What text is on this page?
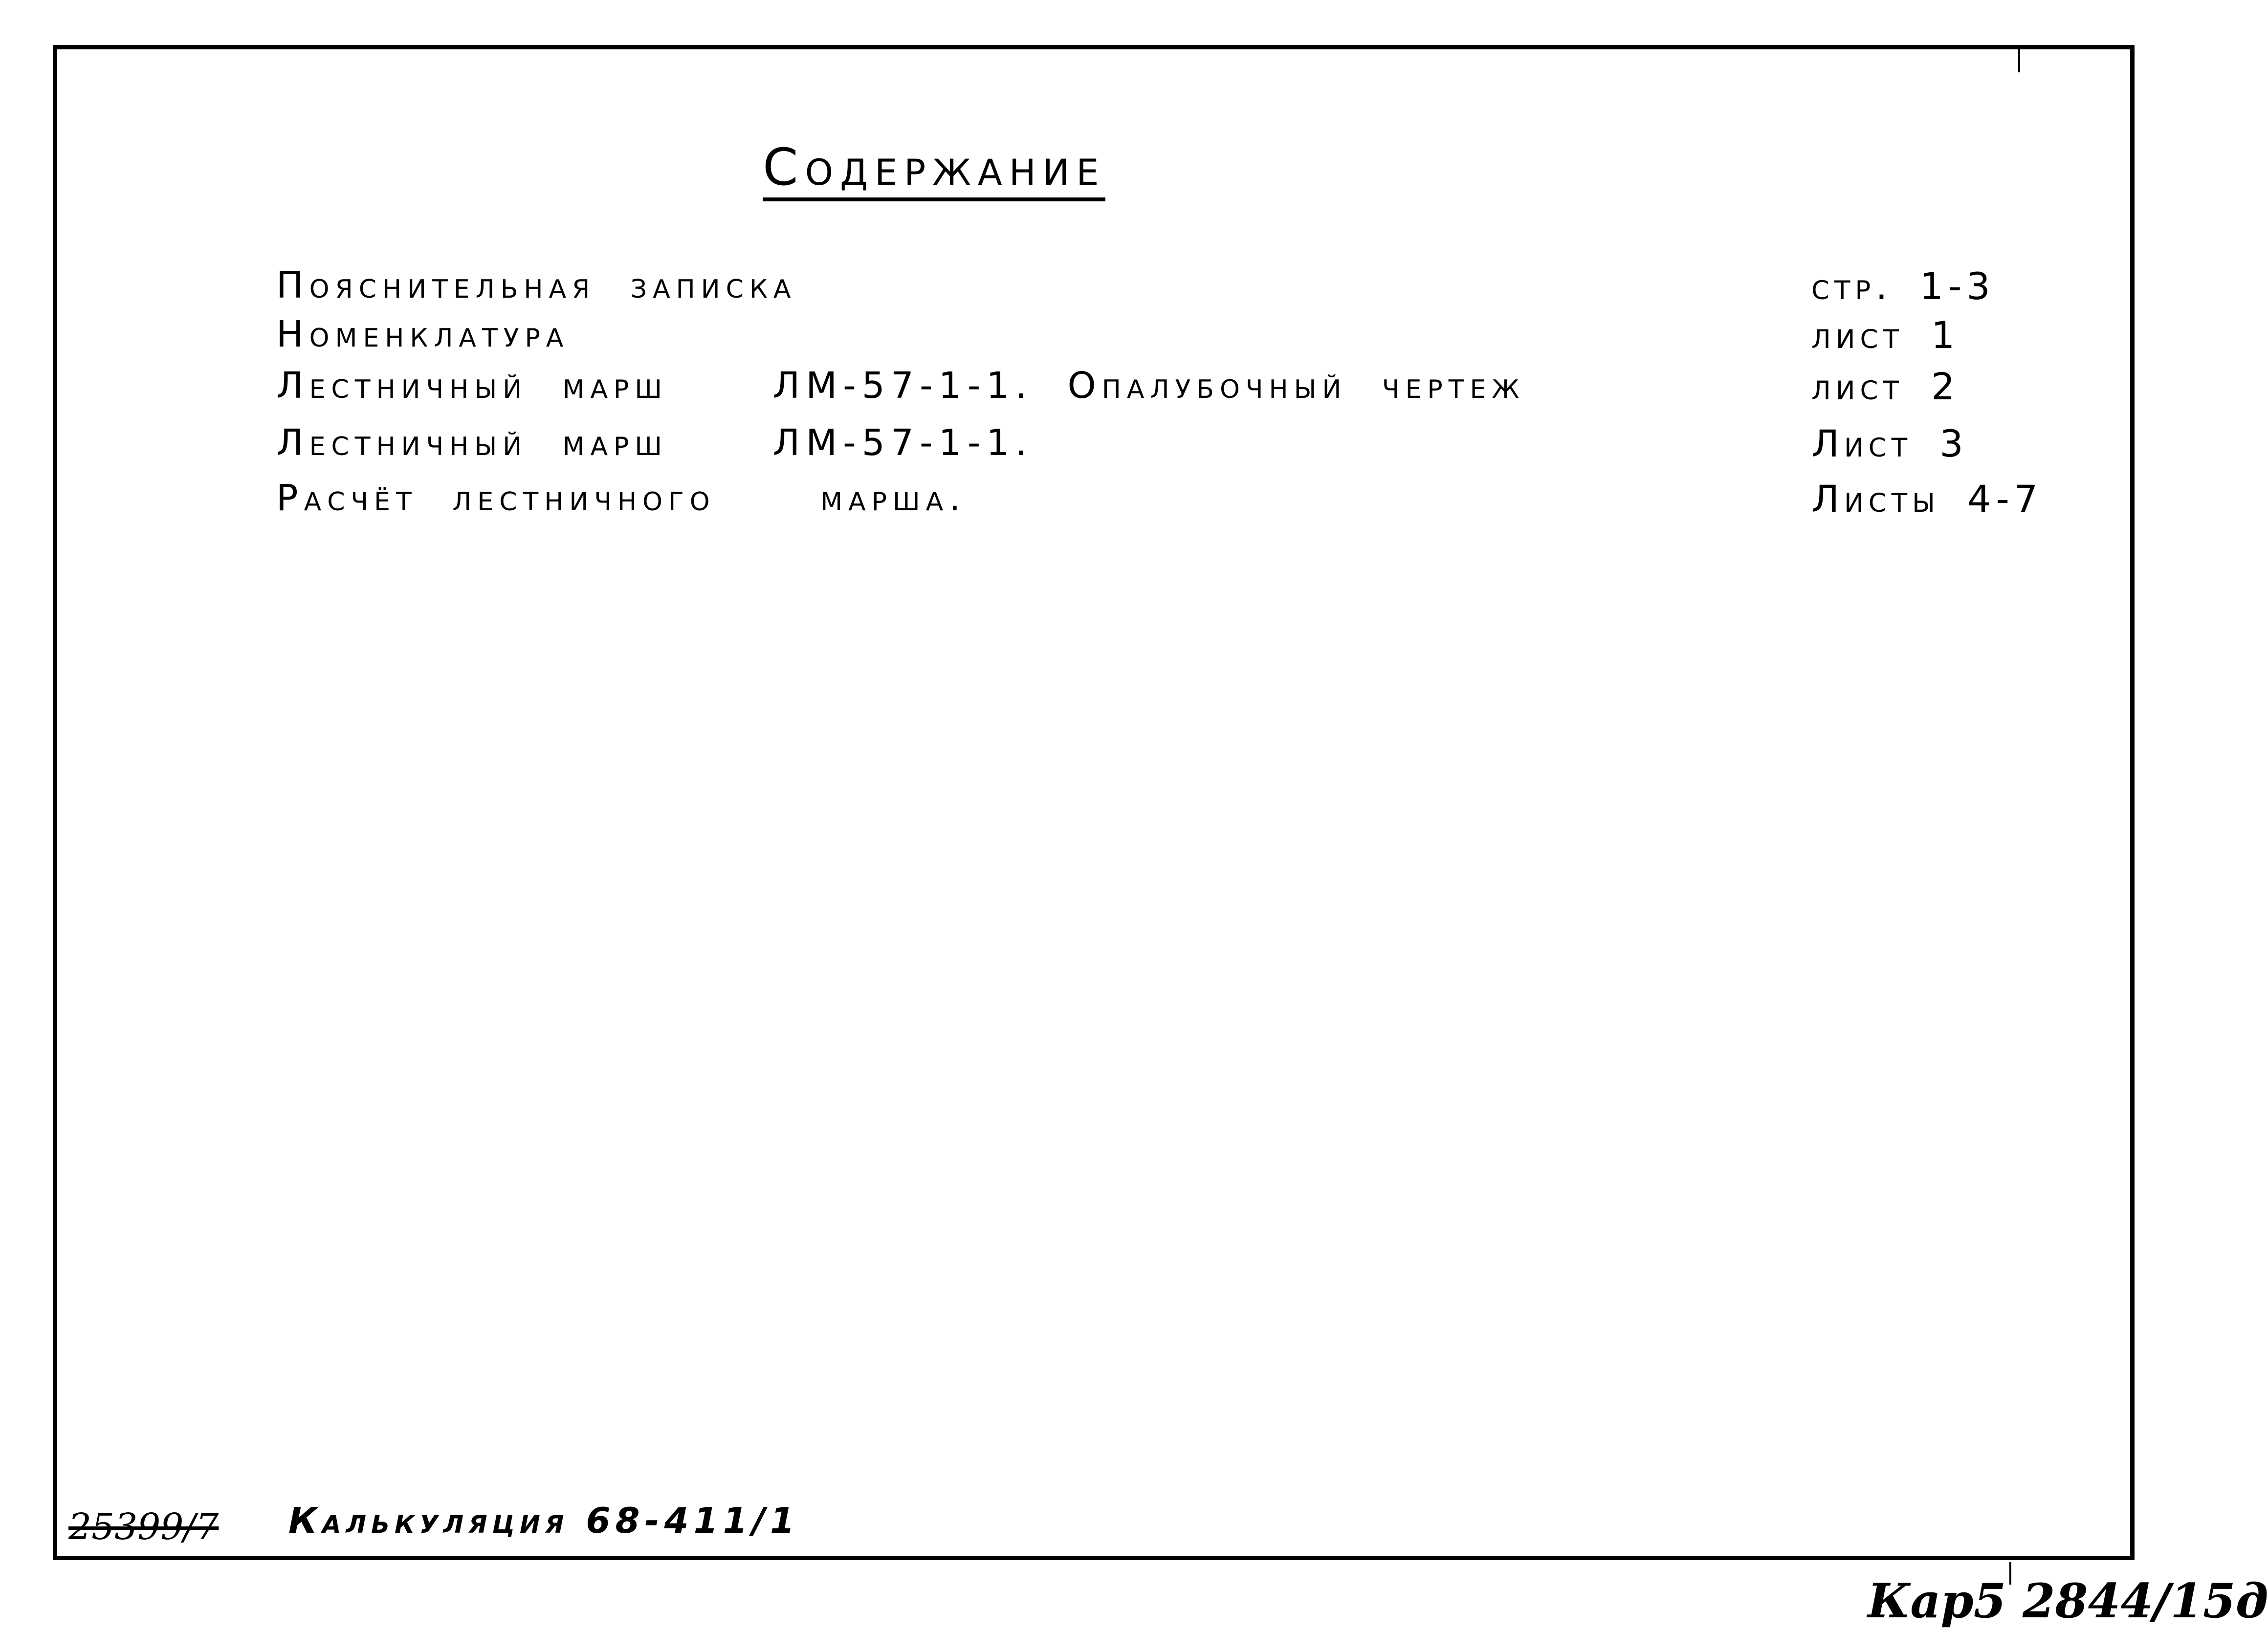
Содержание
Пояснительная записка	стр. 1-3
Номенклатура	лист 1
Лестничный марш   ЛМ-57-1-1. Опалубочный чертеж	лист 2
Лестничный марш   ЛМ-57-1-1.	Лист 3
Расчёт лестничного   марша.	Листы 4-7
25399/7 Калькуляция 68-411/1
Кар5 2844/15д
